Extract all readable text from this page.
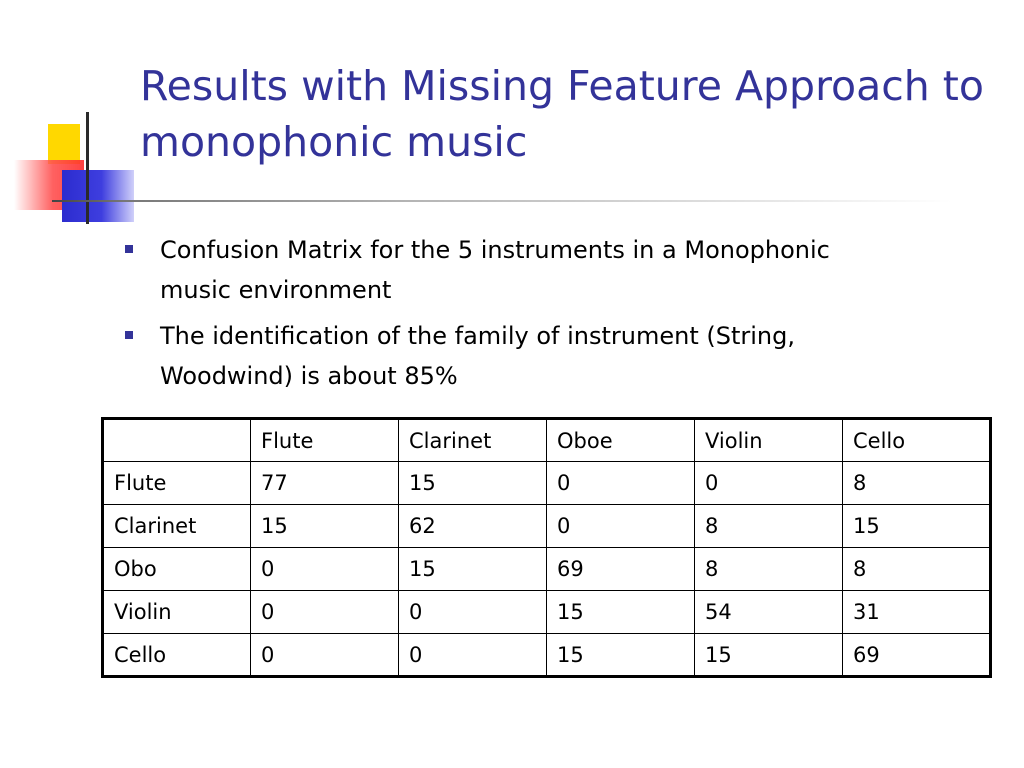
Results with Missing Feature Approach to monophonic music
Confusion Matrix for the 5 instruments in a Monophonic music environment
The identification of the family of instrument (String, Woodwind) is about 85%
	Flute	Clarinet	Oboe	Violin	Cello
Flute	77	15	0	0	8
Clarinet	15	62	0	8	15
Obo	0	15	69	8	8
Violin	0	0	15	54	31
Cello	0	0	15	15	69
